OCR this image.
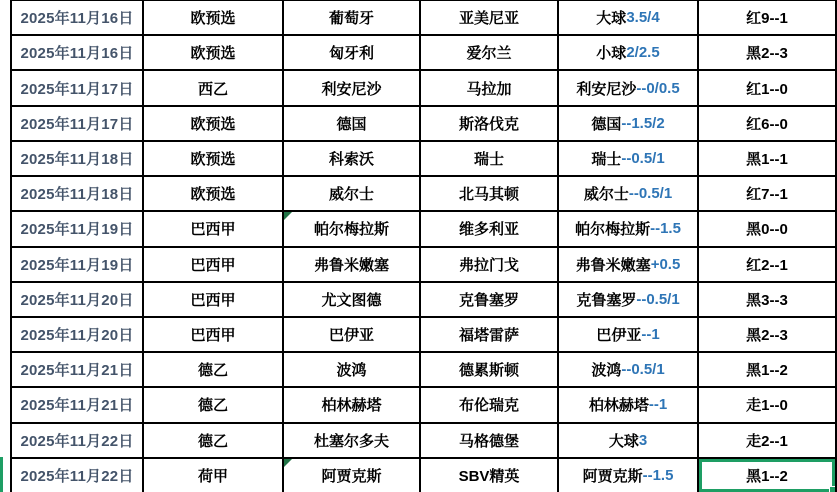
2025年11月16日	欧预选	葡萄牙	亚美尼亚	大球 3.5/4	红9--1
2025年11月16日	欧预选	匈牙利	爱尔兰	小球 2/2.5	黑2--3
2025年11月17日	西乙	利安尼沙	马拉加	利安尼沙 --0/0.5	红1--0
2025年11月17日	欧预选	德国	斯洛伐克	德国 --1.5/2	红6--0
2025年11月18日	欧预选	科索沃	瑞士	瑞士 --0.5/1	黑1--1
2025年11月18日	欧预选	威尔士	北马其顿	威尔士 --0.5/1	红7--1
2025年11月19日	巴西甲	帕尔梅拉斯	维多利亚	帕尔梅拉斯 --1.5	黑0--0
2025年11月19日	巴西甲	弗鲁米嫩塞	弗拉门戈	弗鲁米嫩塞 +0.5	红2--1
2025年11月20日	巴西甲	尤文图德	克鲁塞罗	克鲁塞罗 --0.5/1	黑3--3
2025年11月20日	巴西甲	巴伊亚	福塔雷萨	巴伊亚 --1	黑2--3
2025年11月21日	德乙	波鸿	德累斯顿	波鸿 --0.5/1	黑1--2
2025年11月21日	德乙	柏林赫塔	布伦瑞克	柏林赫塔 --1	走1--0
2025年11月22日	德乙	杜塞尔多夫	马格德堡	大球 3	走2--1
2025年11月22日	荷甲	阿贾克斯	SBV精英	阿贾克斯 --1.5	黑1--2
